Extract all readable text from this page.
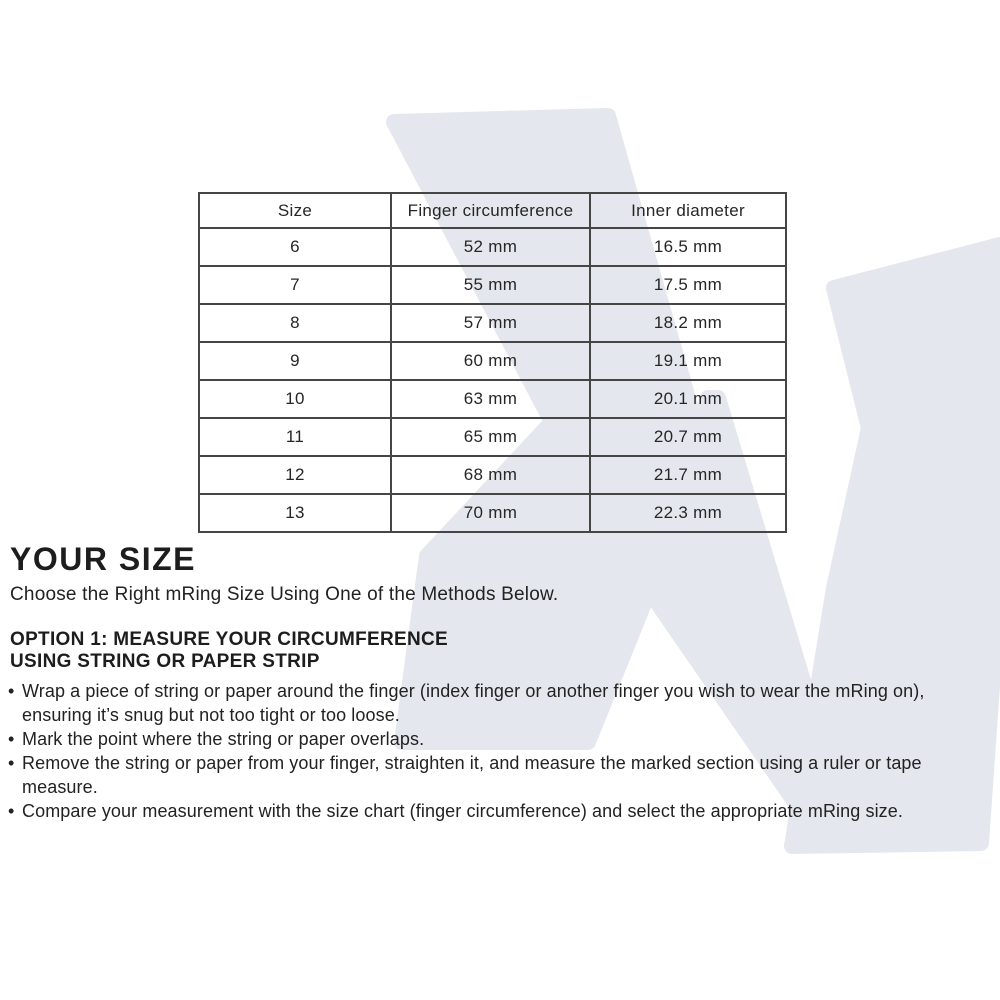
Size	Finger circumference	Inner diameter
6	52 mm	16.5 mm
7	55 mm	17.5 mm
8	57 mm	18.2 mm
9	60 mm	19.1 mm
10	63 mm	20.1 mm
11	65 mm	20.7 mm
12	68 mm	21.7 mm
13	70 mm	22.3 mm
YOUR SIZE
Choose the Right mRing Size Using One of the Methods Below.
OPTION 1: MEASURE YOUR CIRCUMFERENCE
USING STRING OR PAPER STRIP
• Wrap a piece of string or paper around the finger (index finger or another finger you wish to wear the mRing on), ensuring it’s snug but not too tight or too loose.
• Mark the point where the string or paper overlaps.
• Remove the string or paper from your finger, straighten it, and measure the marked section using a ruler or tape measure.
• Compare your measurement with the size chart (finger circumference) and select the appropriate mRing size.
